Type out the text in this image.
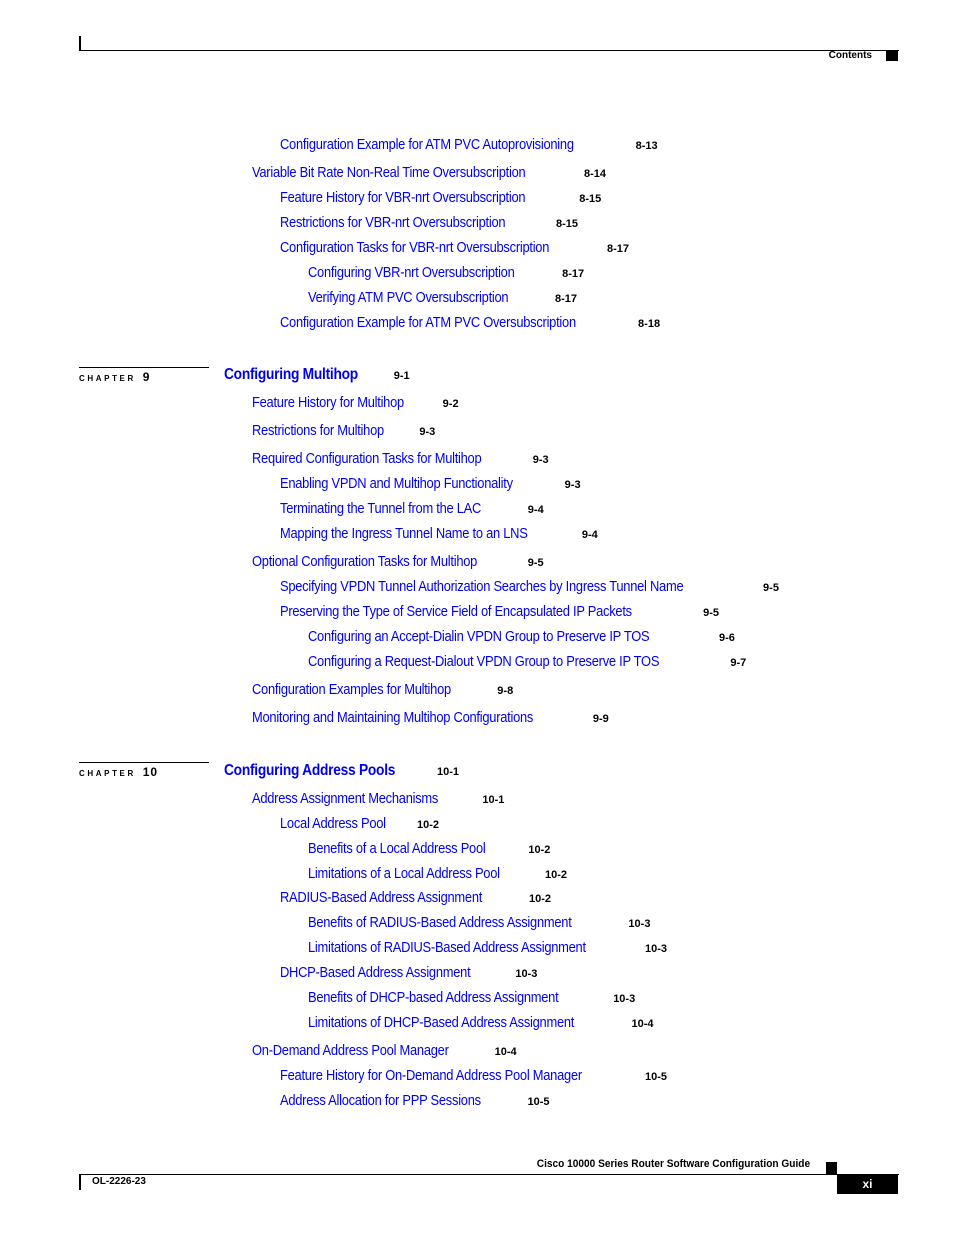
Contents
CHAPTER 9
CHAPTER 10
Configuration Example for ATM PVC Autoprovisioning	8-13
Variable Bit Rate Non-Real Time Oversubscription	8-14
Feature History for VBR-nrt Oversubscription	8-15
Restrictions for VBR-nrt Oversubscription	8-15
Configuration Tasks for VBR-nrt Oversubscription	8-17
Configuring VBR-nrt Oversubscription	8-17
Verifying ATM PVC Oversubscription	8-17
Configuration Example for ATM PVC Oversubscription	8-18
Configuring Multihop	9-1
Feature History for Multihop	9-2
Restrictions for Multihop	9-3
Required Configuration Tasks for Multihop	9-3
Enabling VPDN and Multihop Functionality	9-3
Terminating the Tunnel from the LAC	9-4
Mapping the Ingress Tunnel Name to an LNS	9-4
Optional Configuration Tasks for Multihop	9-5
Specifying VPDN Tunnel Authorization Searches by Ingress Tunnel Name	9-5
Preserving the Type of Service Field of Encapsulated IP Packets	9-5
Configuring an Accept-Dialin VPDN Group to Preserve IP TOS	9-6
Configuring a Request-Dialout VPDN Group to Preserve IP TOS	9-7
Configuration Examples for Multihop	9-8
Monitoring and Maintaining Multihop Configurations	9-9
Configuring Address Pools	10-1
Address Assignment Mechanisms	10-1
Local Address Pool	10-2
Benefits of a Local Address Pool	10-2
Limitations of a Local Address Pool	10-2
RADIUS-Based Address Assignment	10-2
Benefits of RADIUS-Based Address Assignment	10-3
Limitations of RADIUS-Based Address Assignment	10-3
DHCP-Based Address Assignment	10-3
Benefits of DHCP-based Address Assignment	10-3
Limitations of DHCP-Based Address Assignment	10-4
On-Demand Address Pool Manager	10-4
Feature History for On-Demand Address Pool Manager	10-5
Address Allocation for PPP Sessions	10-5
Cisco 10000 Series Router Software Configuration Guide
OL-2226-23	xi
